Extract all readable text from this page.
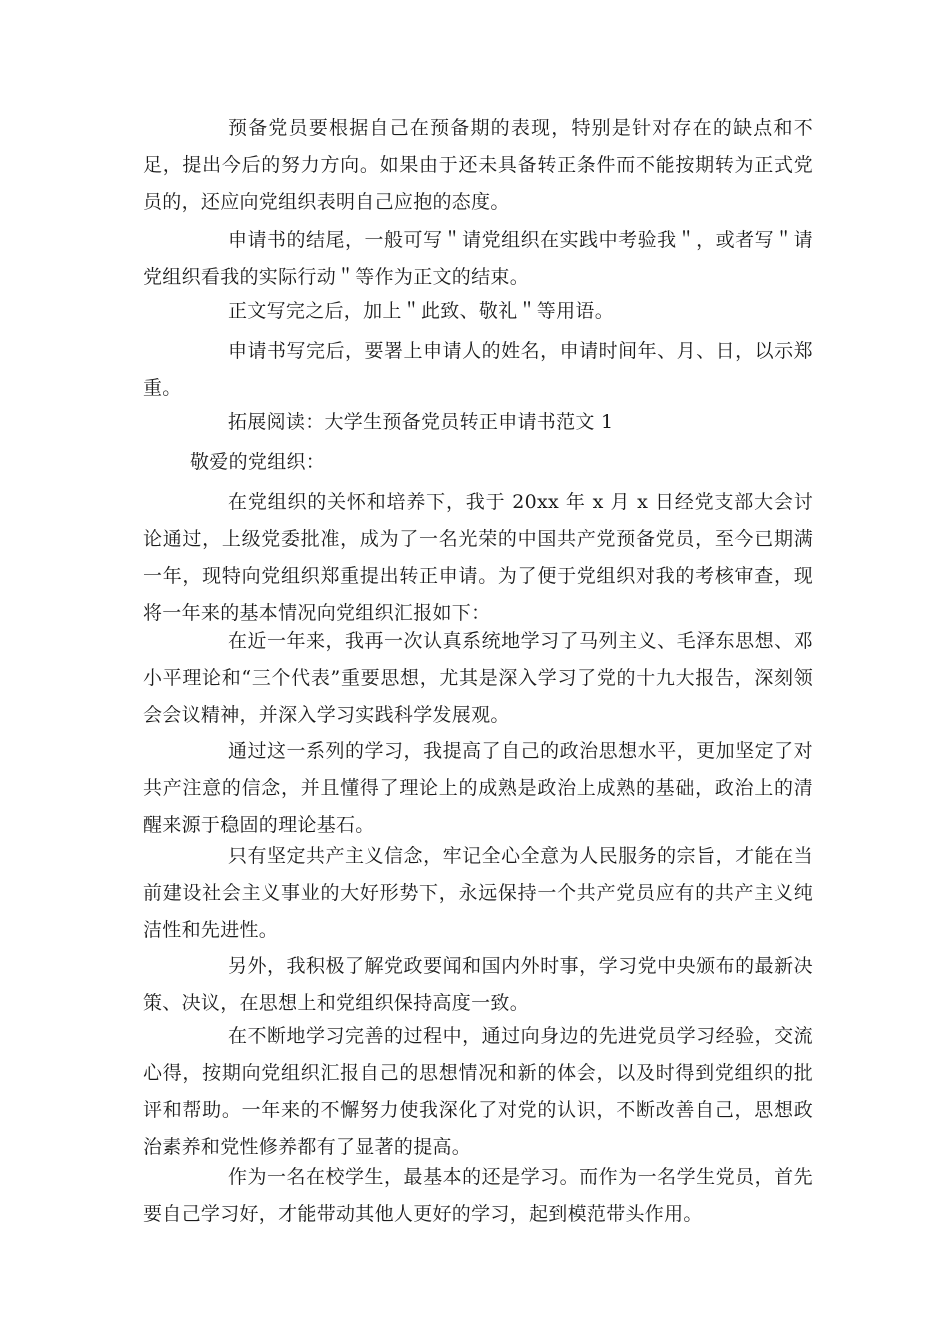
预备党员要根据自己在预备期的表现，特别是针对存在的缺点和不足，提出今后的努力方向。如果由于还未具备转正条件而不能按期转为正式党员的，还应向党组织表明自己应抱的态度。

申请书的结尾，一般可写＂请党组织在实践中考验我＂，或者写＂请党组织看我的实际行动＂等作为正文的结束。

正文写完之后，加上＂此致、敬礼＂等用语。

申请书写完后，要署上申请人的姓名，申请时间年、月、日，以示郑重。

拓展阅读：大学生预备党员转正申请书范文 1

敬爱的党组织：

在党组织的关怀和培养下，我于 20xx 年 x 月 x 日经党支部大会讨论通过，上级党委批准，成为了一名光荣的中国共产党预备党员，至今已期满一年，现特向党组织郑重提出转正申请。为了便于党组织对我的考核审查，现将一年来的基本情况向党组织汇报如下：

在近一年来，我再一次认真系统地学习了马列主义、毛泽东思想、邓小平理论和“三个代表”重要思想，尤其是深入学习了党的十九大报告，深刻领会会议精神，并深入学习实践科学发展观。

通过这一系列的学习，我提高了自己的政治思想水平，更加坚定了对共产注意的信念，并且懂得了理论上的成熟是政治上成熟的基础，政治上的清醒来源于稳固的理论基石。

只有坚定共产主义信念，牢记全心全意为人民服务的宗旨，才能在当前建设社会主义事业的大好形势下，永远保持一个共产党员应有的共产主义纯洁性和先进性。

另外，我积极了解党政要闻和国内外时事，学习党中央颁布的最新决策、决议，在思想上和党组织保持高度一致。

在不断地学习完善的过程中，通过向身边的先进党员学习经验，交流心得，按期向党组织汇报自己的思想情况和新的体会，以及时得到党组织的批评和帮助。一年来的不懈努力使我深化了对党的认识，不断改善自己，思想政治素养和党性修养都有了显著的提高。

作为一名在校学生，最基本的还是学习。而作为一名学生党员，首先要自己学习好，才能带动其他人更好的学习，起到模范带头作用。
